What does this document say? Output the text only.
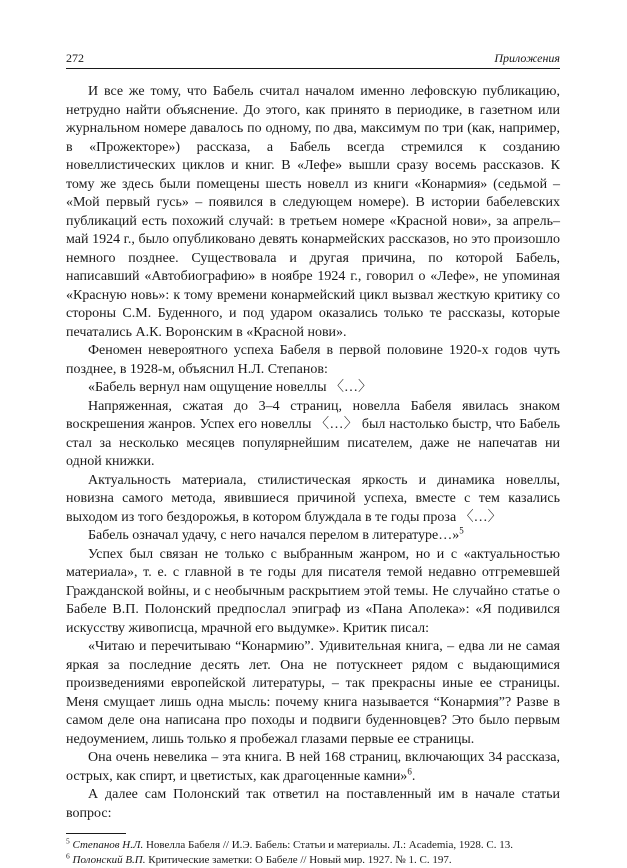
272	Приложения

И все же тому, что Бабель считал началом именно лефовскую публикацию, нетрудно найти объяснение. До этого, как принято в периодике, в газетном или журнальном номере давалось по одному, по два, максимум по три (как, например, в «Прожекторе») рассказа, а Бабель всегда стремился к созданию новеллистических циклов и книг. В «Лефе» вышли сразу восемь рассказов. К тому же здесь были помещены шесть новелл из книги «Конармия» (седьмой – «Мой первый гусь» – появился в следующем номере). В истории бабелевских публикаций есть похожий случай: в третьем номере «Красной нови», за апрель–май 1924 г., было опубликовано девять конармейских рассказов, но это произошло немного позднее. Существовала и другая причина, по которой Бабель, написавший «Автобиографию» в ноябре 1924 г., говорил о «Лефе», не упоминая «Красную новь»: к тому времени конармейский цикл вызвал жесткую критику со стороны С.М. Буденного, и под ударом оказались только те рассказы, которые печатались А.К. Воронским в «Красной нови».

Феномен невероятного успеха Бабеля в первой половине 1920-х годов чуть позднее, в 1928-м, объяснил Н.Л. Степанов:

«Бабель вернул нам ощущение новеллы 〈…〉

Напряженная, сжатая до 3–4 страниц, новелла Бабеля явилась знаком воскрешения жанров. Успех его новеллы 〈…〉 был настолько быстр, что Бабель стал за несколько месяцев популярнейшим писателем, даже не напечатав ни одной книжки.

Актуальность материала, стилистическая яркость и динамика новеллы, новизна самого метода, явившиеся причиной успеха, вместе с тем казались выходом из того бездорожья, в котором блуждала в те годы проза 〈…〉

Бабель означал удачу, с него начался перелом в литературе…»$^5$

Успех был связан не только с выбранным жанром, но и с «актуальностью материала», т. е. с главной в те годы для писателя темой недавно отгремевшей Гражданской войны, и с необычным раскрытием этой темы. Не случайно статье о Бабеле В.П. Полонский предпослал эпиграф из «Пана Аполека»: «Я подивился искусству живописца, мрачной его выдумке». Критик писал:

«Читаю и перечитываю “Конармию”. Удивительная книга, – едва ли не самая яркая за последние десять лет. Она не потускнеет рядом с выдающимися произведениями европейской литературы, – так прекрасны иные ее страницы. Меня смущает лишь одна мысль: почему книга называется “Конармия”? Разве в самом деле она написана про походы и подвиги буденновцев? Это было первым недоумением, лишь только я пробежал глазами первые ее страницы.

Она очень невелика – эта книга. В ней 168 страниц, включающих 34 рассказа, острых, как спирт, и цветистых, как драгоценные камни»$^6$.

А далее сам Полонский так ответил на поставленный им в начале статьи вопрос:

$^5$ Степанов Н.Л. Новелла Бабеля // И.Э. Бабель: Статьи и материалы. Л.: Academia, 1928. С. 13.
$^6$ Полонский В.П. Критические заметки: О Бабеле // Новый мир. 1927. № 1. С. 197.
